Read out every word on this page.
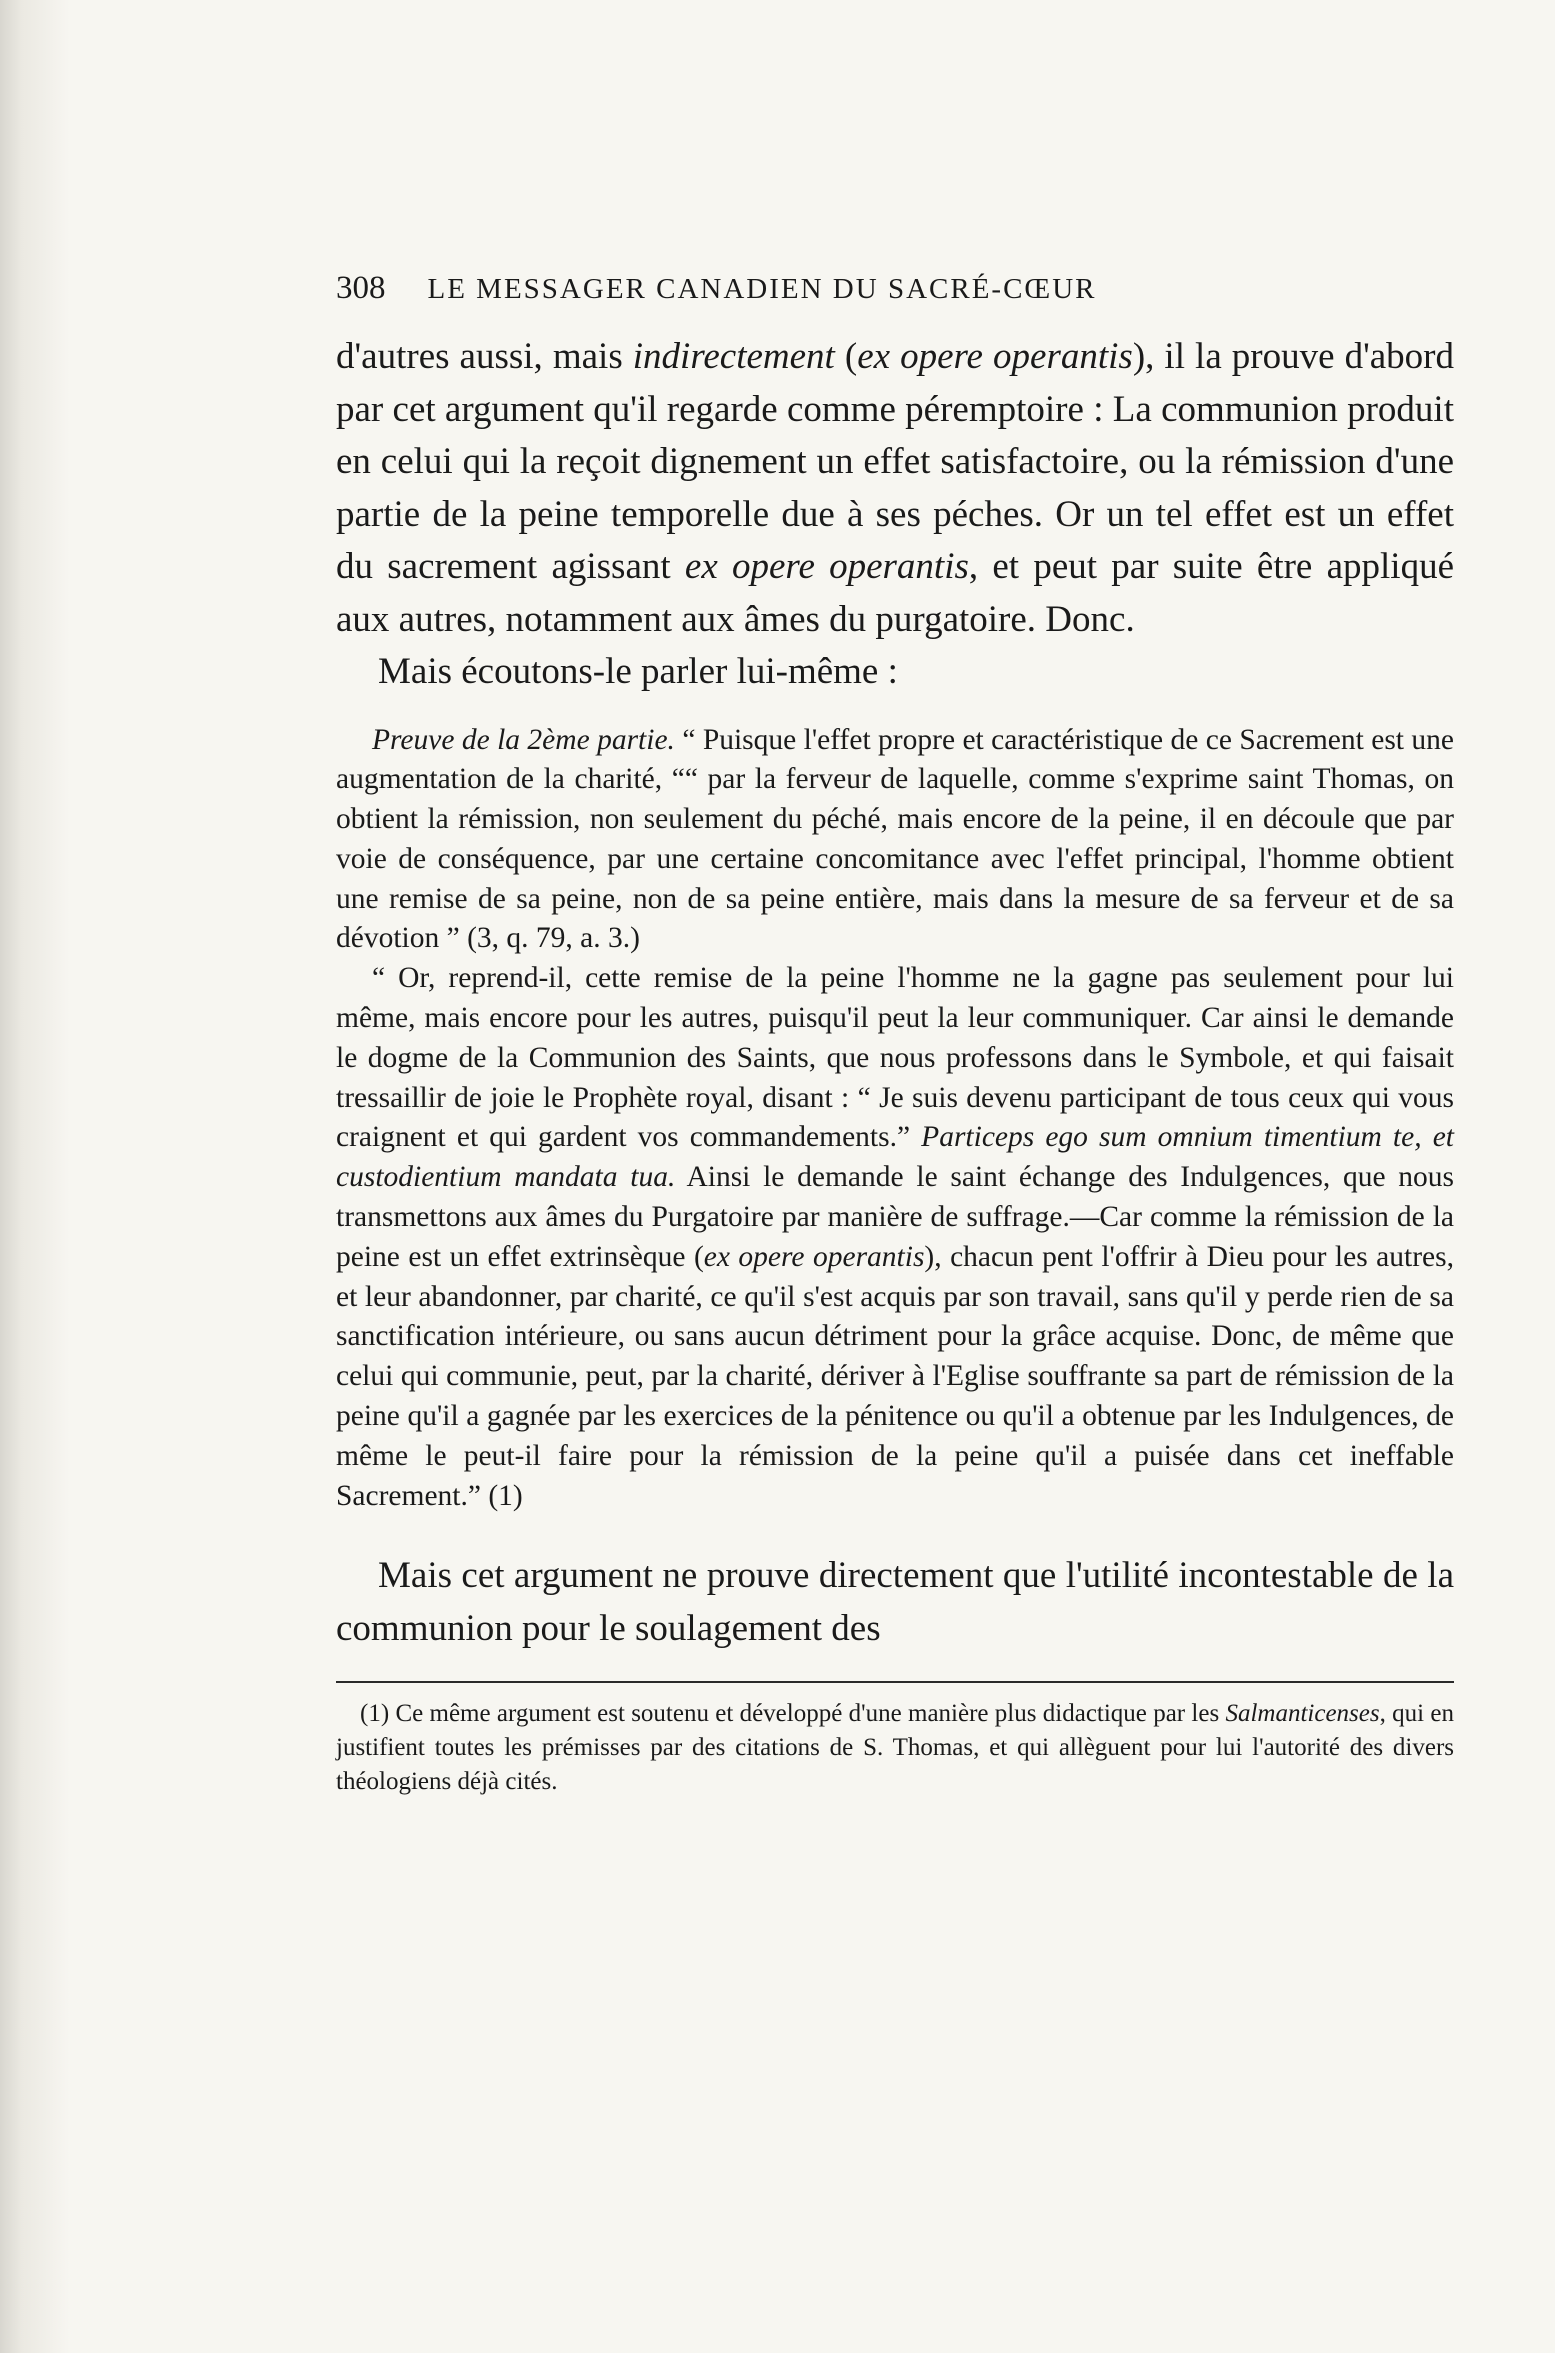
308 LE MESSAGER CANADIEN DU SACRÉ-CŒUR

d'autres aussi, mais indirectement (ex opere operantis), il la prouve d'abord par cet argument qu'il regarde comme péremptoire : La communion produit en celui qui la reçoit dignement un effet satisfactoire, ou la rémission d'une partie de la peine temporelle due à ses péches. Or un tel effet est un effet du sacrement agissant ex opere operantis, et peut par suite être appliqué aux autres, notamment aux âmes du purgatoire. Donc.

Mais écoutons-le parler lui-même :

Preuve de la 2ème partie. “ Puisque l'effet propre et caractéristique de ce Sacrement est une augmentation de la charité, ““ par la ferveur de laquelle, comme s'exprime saint Thomas, on obtient la rémission, non seulement du péché, mais encore de la peine, il en découle que par voie de conséquence, par une certaine concomitance avec l'effet principal, l'homme obtient une remise de sa peine, non de sa peine entière, mais dans la mesure de sa ferveur et de sa dévotion ” (3, q. 79, a. 3.)

“ Or, reprend-il, cette remise de la peine l'homme ne la gagne pas seulement pour lui même, mais encore pour les autres, puisqu'il peut la leur communiquer. Car ainsi le demande le dogme de la Communion des Saints, que nous professons dans le Symbole, et qui faisait tressaillir de joie le Prophète royal, disant : “ Je suis devenu participant de tous ceux qui vous craignent et qui gardent vos commandements.” Particeps ego sum omnium timentium te, et custodientium mandata tua. Ainsi le demande le saint échange des Indulgences, que nous transmettons aux âmes du Purgatoire par manière de suffrage.—Car comme la rémission de la peine est un effet extrinsèque (ex opere operantis), chacun pent l'offrir à Dieu pour les autres, et leur abandonner, par charité, ce qu'il s'est acquis par son travail, sans qu'il y perde rien de sa sanctification intérieure, ou sans aucun détriment pour la grâce acquise. Donc, de même que celui qui communie, peut, par la charité, dériver à l'Eglise souffrante sa part de rémission de la peine qu'il a gagnée par les exercices de la pénitence ou qu'il a obtenue par les Indulgences, de même le peut-il faire pour la rémission de la peine qu'il a puisée dans cet ineffable Sacrement.” (1)

Mais cet argument ne prouve directement que l'utilité incontestable de la communion pour le soulagement des

(1) Ce même argument est soutenu et développé d'une manière plus didactique par les Salmanticenses, qui en justifient toutes les prémisses par des citations de S. Thomas, et qui allèguent pour lui l'autorité des divers théologiens déjà cités.
